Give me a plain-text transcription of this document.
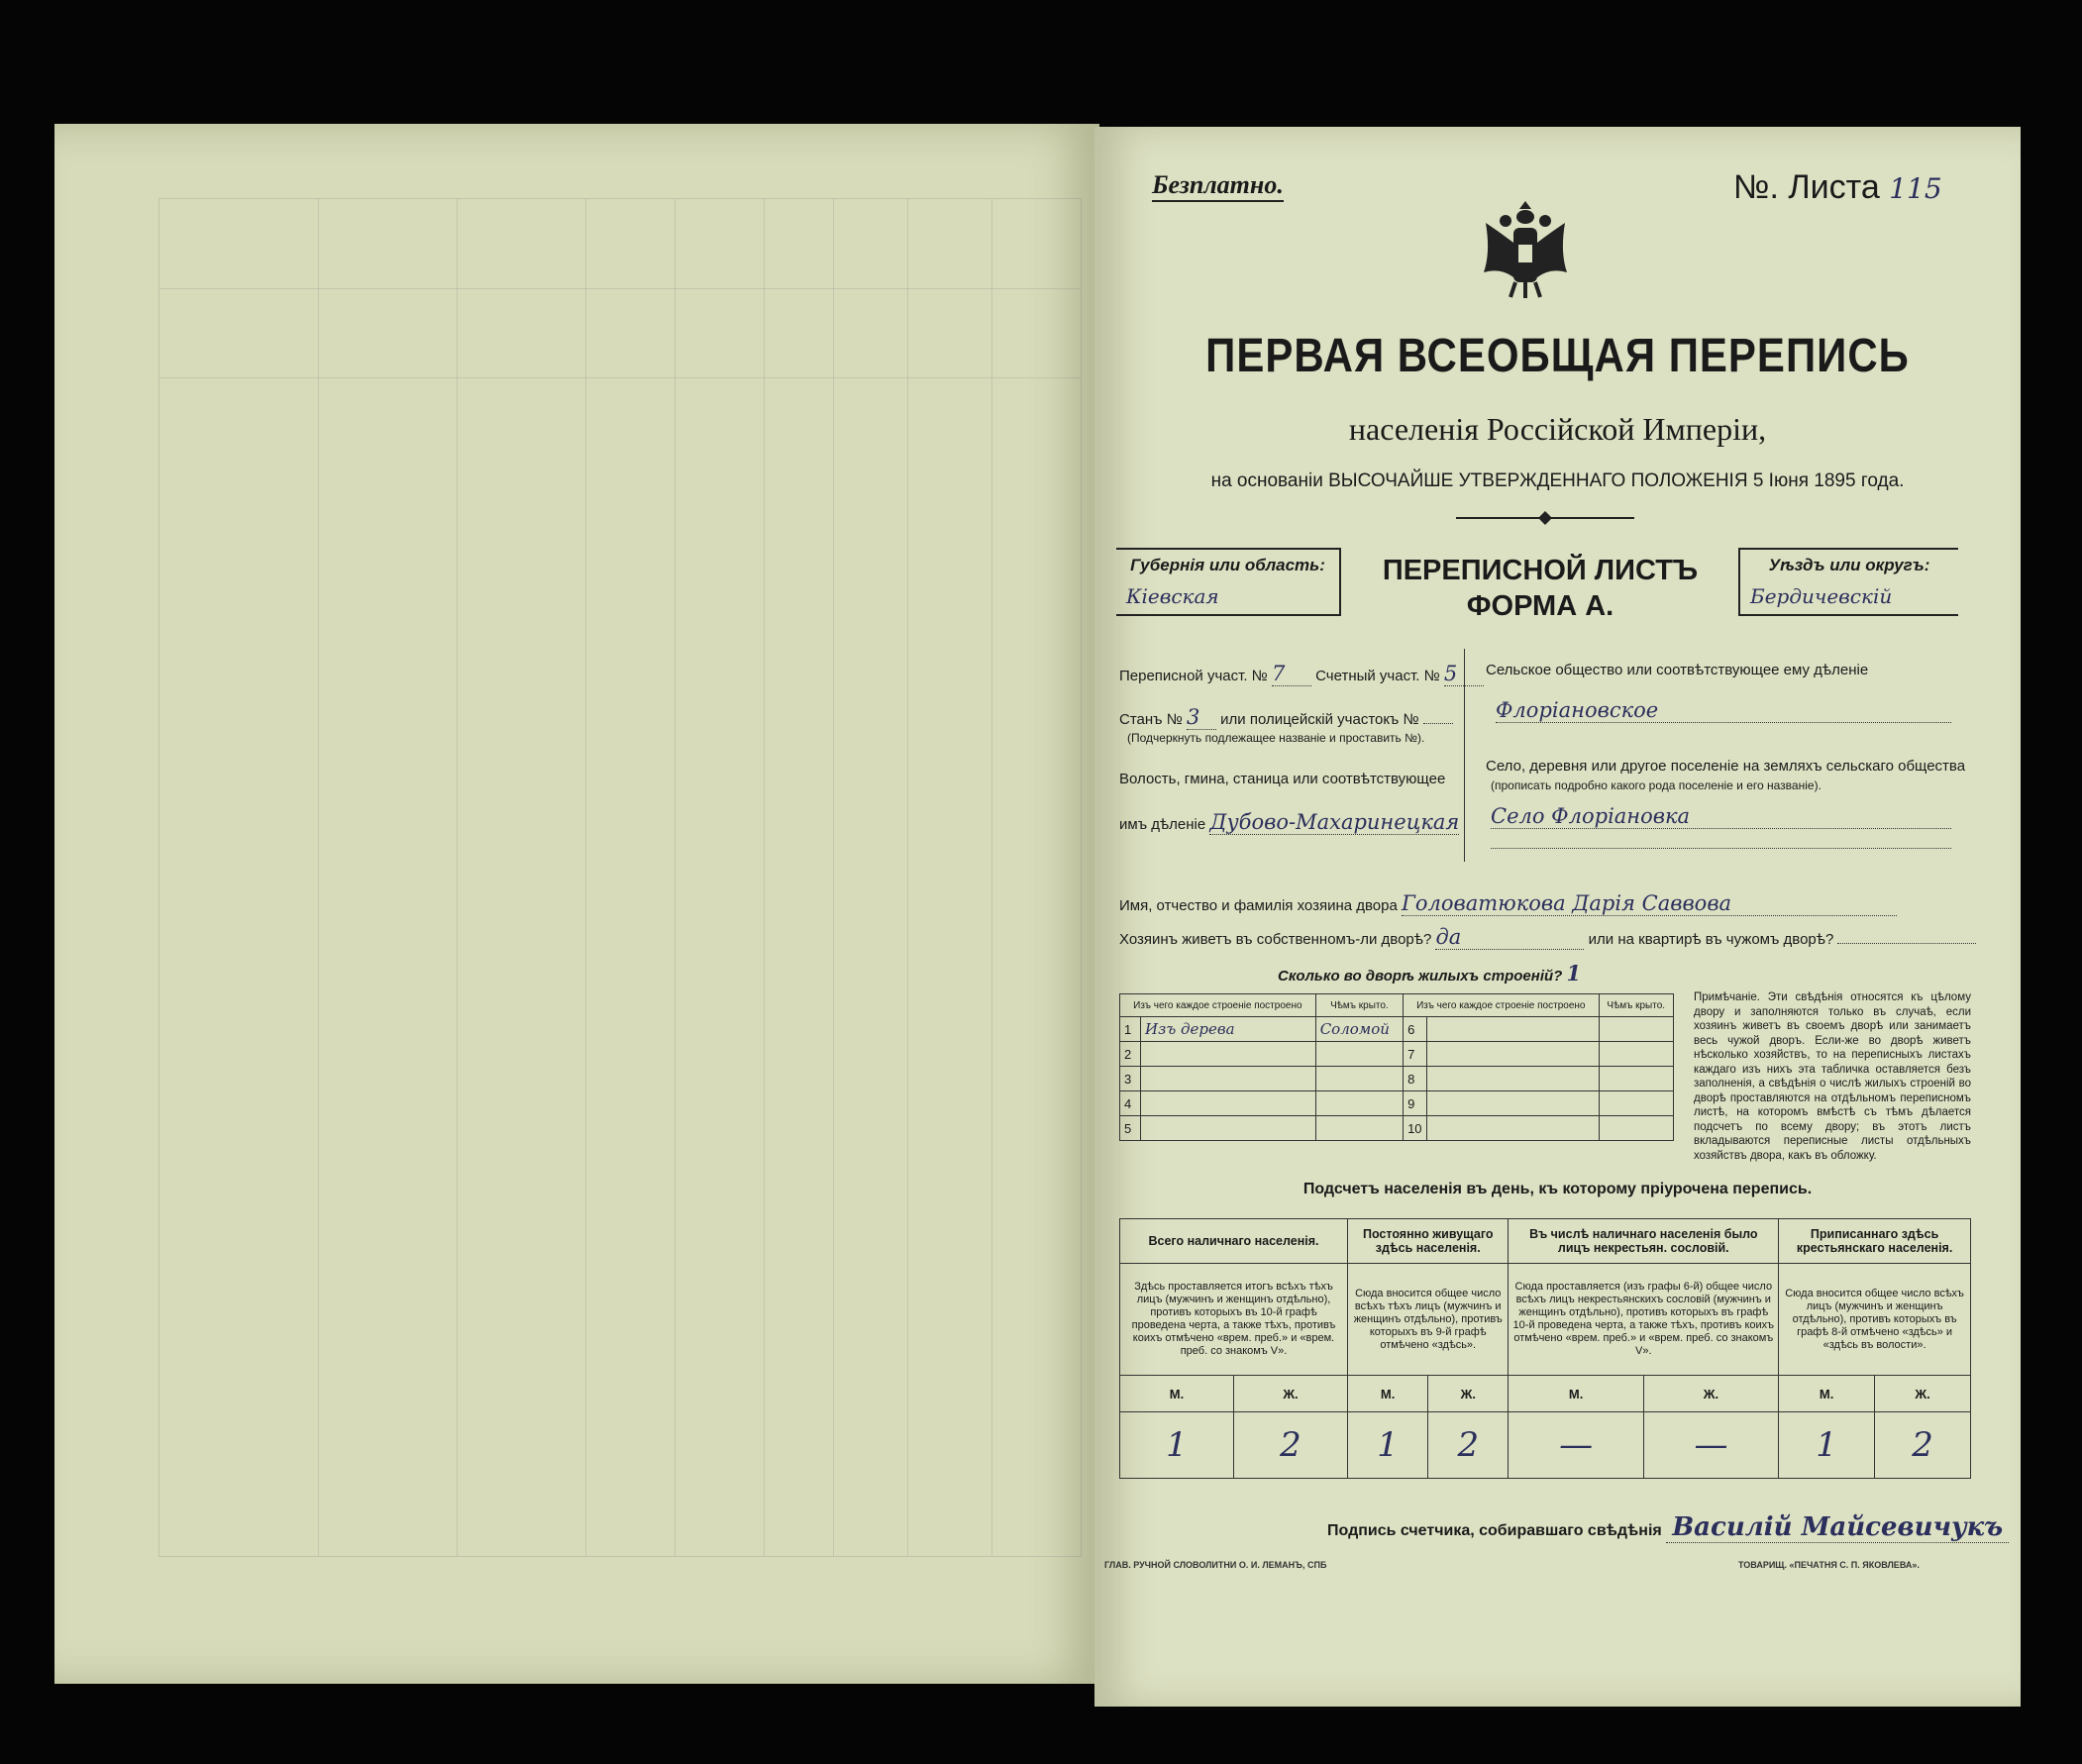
Безплатно.	№. Листа 115
ПЕРВАЯ ВСЕОБЩАЯ ПЕРЕПИСЬ
населенія Россійской Имперіи,
на основаніи ВЫСОЧАЙШЕ УТВЕРЖДЕННАГО ПОЛОЖЕНІЯ 5 Іюня 1895 года.
Губернія или область:
Кіевская
ПЕРЕПИСНОЙ ЛИСТЪ
ФОРМА А.
Уѣздъ или округъ:
Бердичевскій
Переписной участ. № 7 Счетный участ. № 5
Станъ № 3 или полицейскій участокъ №
(Подчеркнуть подлежащее названіе и проставить №).
Волость, гмина, станица или соотвѣтствующее
имъ дѣленіе Дубово-Махаринецкая
Сельское общество или соотвѣтствующее ему дѣленіе
Флоріановское
Село, деревня или другое поселеніе на земляхъ сельскаго общества
(прописать подробно какого рода поселеніе и его названіе).
Село Флоріановка
Имя, отчество и фамилія хозяина двора Головатюкова Дарія Саввова
Хозяинъ живетъ въ собственномъ-ли дворѣ? да	или на квартирѣ въ чужомъ дворѣ?
Сколько во дворѣ жилыхъ строеній? 1
Изъ чего каждое строеніе построено		Чѣмъ крыто.	Изъ чего каждое строеніе построено		Чѣмъ крыто.
1	Изъ дерева	Соломой	6		
2			7		
3			8		
4			9		
5			10		
Примѣчаніе. Эти свѣдѣнія относятся къ цѣлому двору и заполняются только въ случаѣ, если хозяинъ живетъ въ своемъ дворѣ или занимаетъ весь чужой дворъ. Если-же во дворѣ живетъ нѣсколько хозяйствъ, то на переписныхъ листахъ каждаго изъ нихъ эта табличка оставляется безъ заполненія, а свѣдѣнія о числѣ жилыхъ строеній во дворѣ проставляются на отдѣльномъ переписномъ листѣ, на которомъ вмѣстѣ съ тѣмъ дѣлается подсчетъ по всему двору; въ этотъ листъ вкладываются переписные листы отдѣльныхъ хозяйствъ двора, какъ въ обложку.
Подсчетъ населенія въ день, къ которому пріурочена перепись.
Всего наличнаго населенія.		Постоянно живущаго здѣсь населенія.		Въ числѣ наличнаго населенія было лицъ некрестьян. сословій.		Приписаннаго здѣсь крестьянскаго населенія.	
Здѣсь проставляется итогъ всѣхъ тѣхъ лицъ (мужчинъ и женщинъ отдѣльно), противъ которыхъ въ 10-й графѣ проведена черта, а также тѣхъ, противъ коихъ отмѣчено «врем. преб.» и «врем. преб. со знакомъ V».		Сюда вносится общее число всѣхъ тѣхъ лицъ (мужчинъ и женщинъ отдѣльно), противъ которыхъ въ 9-й графѣ отмѣчено «здѣсь».		Сюда проставляется (изъ графы 6-й) общее число всѣхъ лицъ некрестьянскихъ сословій (мужчинъ и женщинъ отдѣльно), противъ которыхъ въ графѣ 10-й проведена черта, а также тѣхъ, противъ коихъ отмѣчено «врем. преб.» и «врем. преб. со знакомъ V».		Сюда вносится общее число всѣхъ лицъ (мужчинъ и женщинъ отдѣльно), противъ которыхъ въ графѣ 8-й отмѣчено «здѣсь» и «здѣсь въ волости».	
М.	Ж.	М.	Ж.	М.	Ж.	М.	Ж.
1	2	1	2	—	—	1	2
Подпись счетчика, собиравшаго свѣдѣнія Василій Майсевичукъ
ГЛАВ. РУЧНОЙ СЛОВОЛИТНИ О. И. ЛЕМАНЪ, СПБ	ТОВАРИЩ. «ПЕЧАТНЯ С. П. ЯКОВЛЕВА».
